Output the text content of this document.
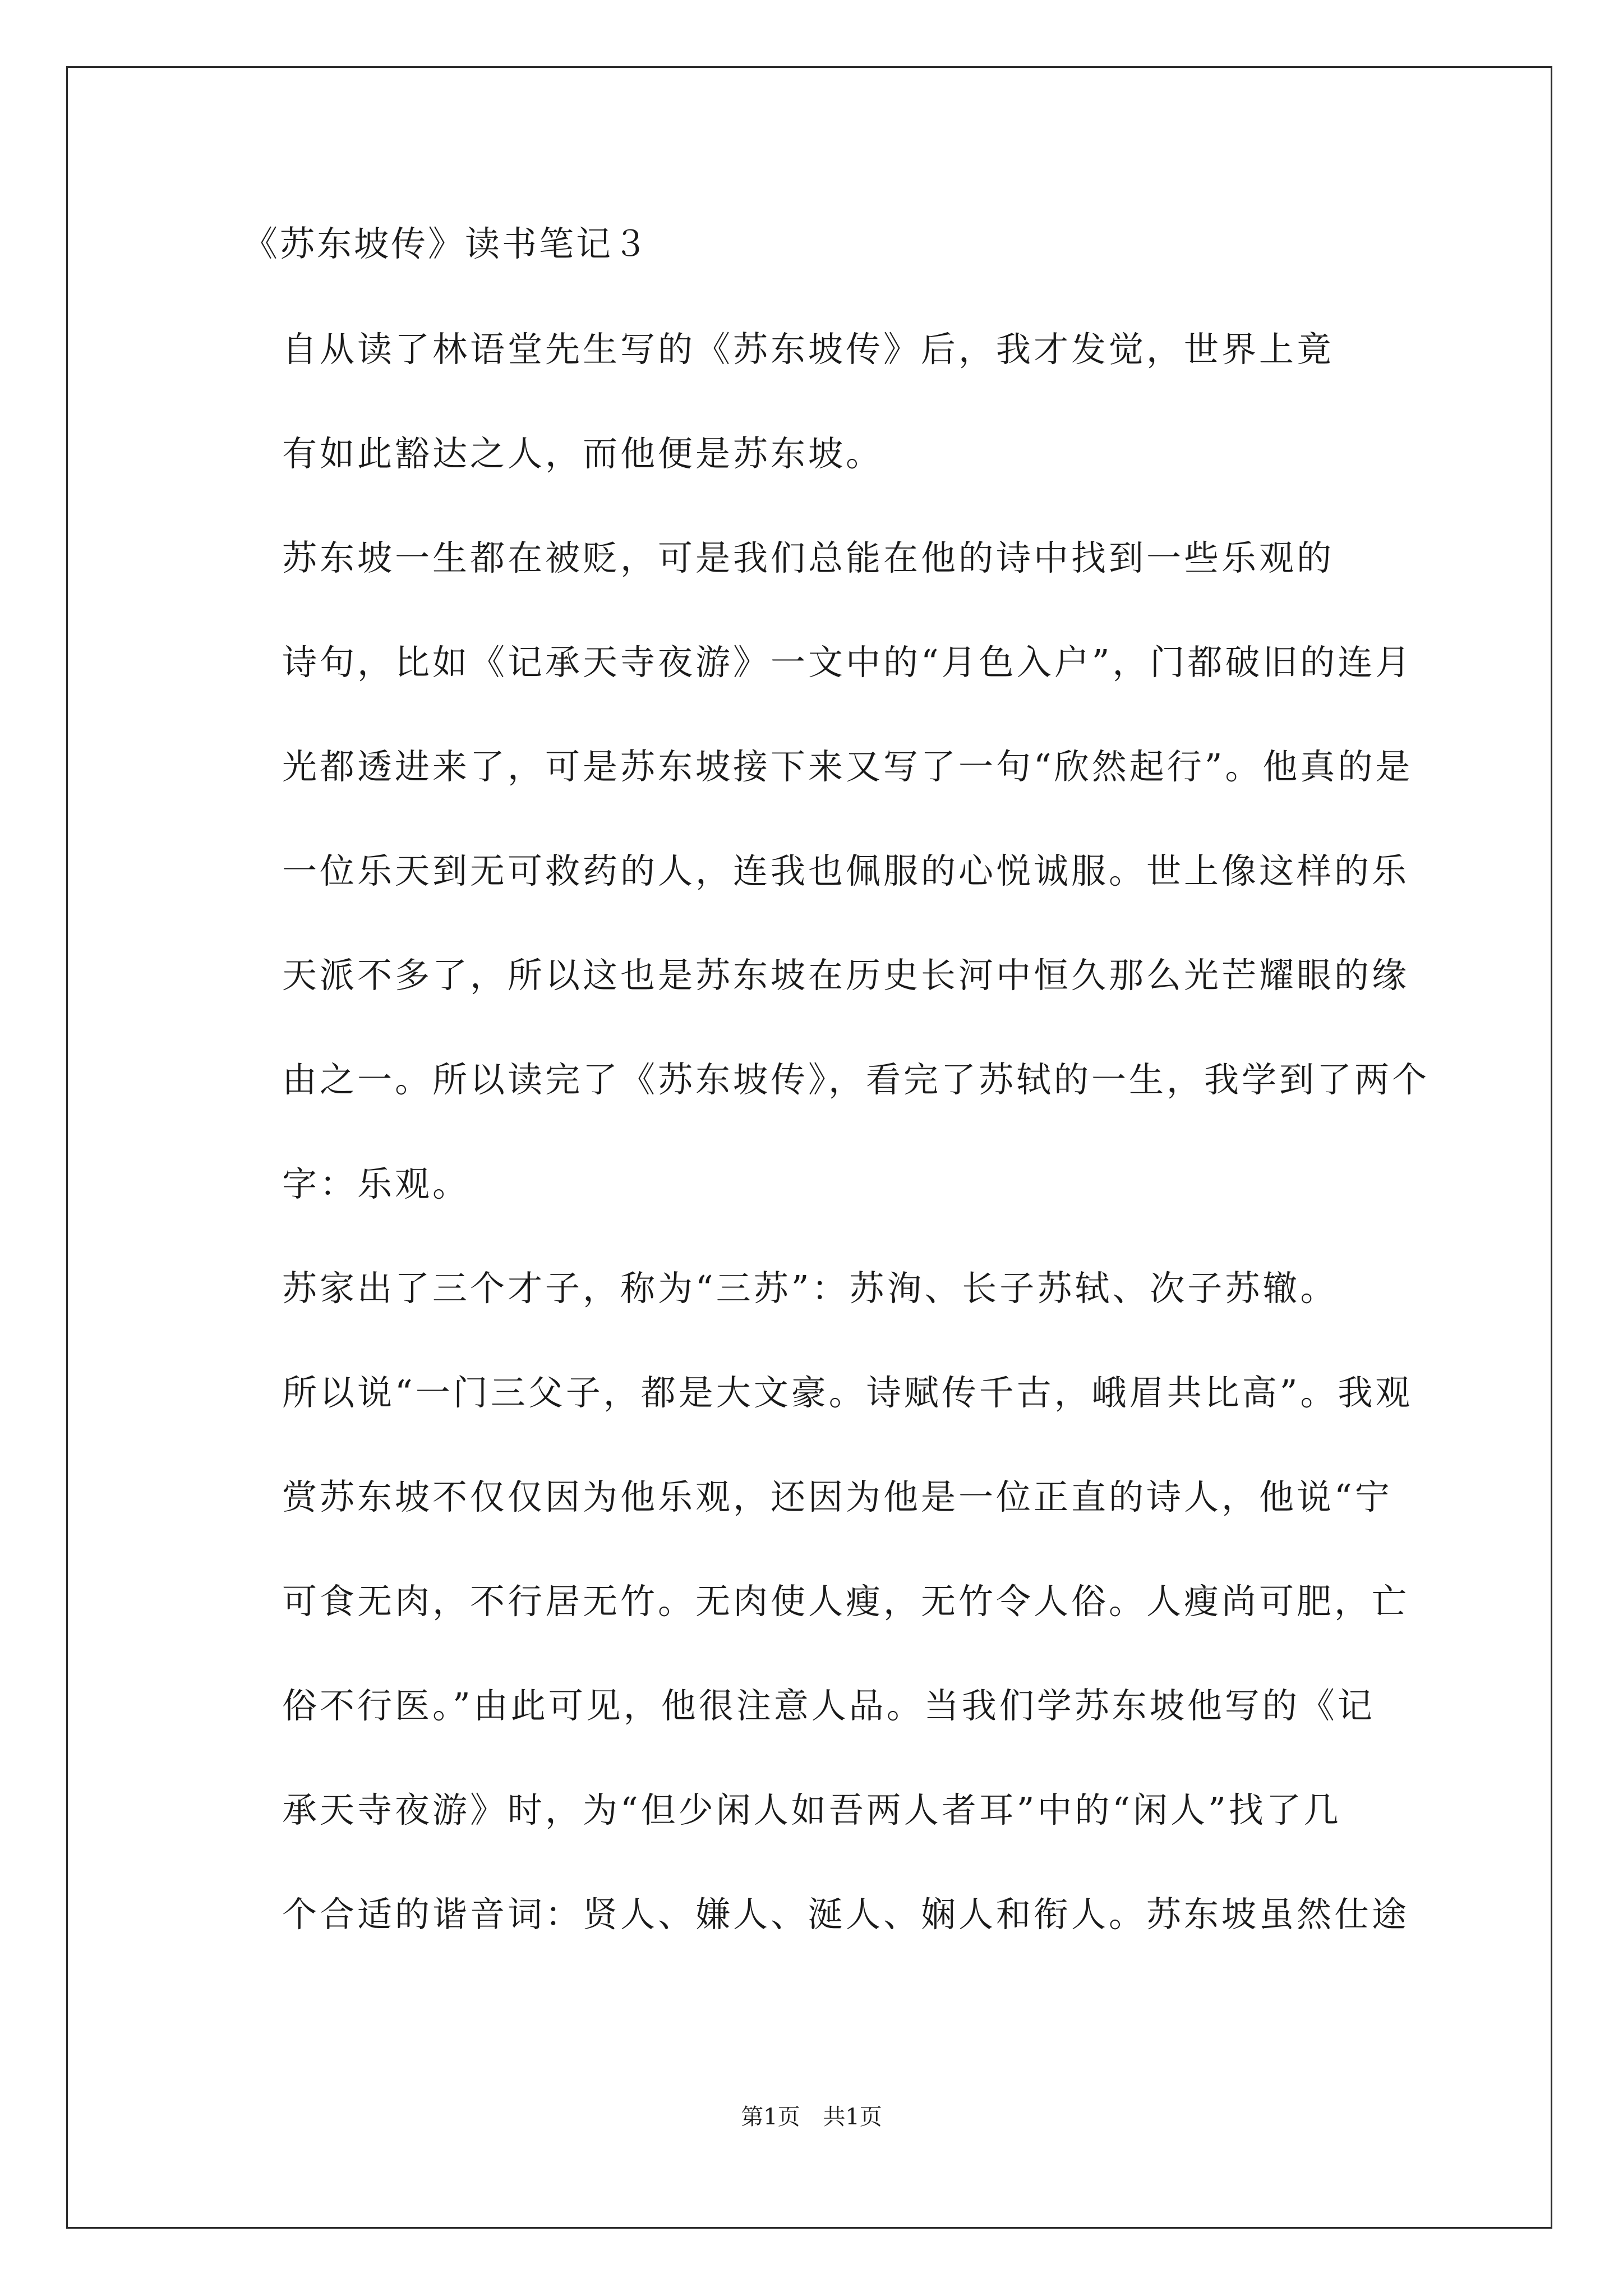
《苏东坡传》读书笔记３

自从读了林语堂先生写的《苏东坡传》后，我才发觉，世界上竟
有如此豁达之人，而他便是苏东坡。

苏东坡一生都在被贬，可是我们总能在他的诗中找到一些乐观的
诗句，比如《记承天寺夜游》一文中的“月色入户”，门都破旧的连月
光都透进来了，可是苏东坡接下来又写了一句“欣然起行”。他真的是
一位乐天到无可救药的人，连我也佩服的心悦诚服。世上像这样的乐
天派不多了，所以这也是苏东坡在历史长河中恒久那么光芒耀眼的缘
由之一。所以读完了《苏东坡传》，看完了苏轼的一生，我学到了两个
字：乐观。

苏家出了三个才子，称为“三苏”：苏洵、长子苏轼、次子苏辙。
所以说“一门三父子，都是大文豪。诗赋传千古，峨眉共比高”。我观
赏苏东坡不仅仅因为他乐观，还因为他是一位正直的诗人，他说“宁
可食无肉，不行居无竹。无肉使人瘦，无竹令人俗。人瘦尚可肥，亡
俗不行医。”由此可见，他很注意人品。当我们学苏东坡他写的《记
承天寺夜游》时，为“但少闲人如吾两人者耳”中的“闲人”找了几
个合适的谐音词：贤人、嫌人、涎人、娴人和衔人。苏东坡虽然仕途

第1页 共1页
